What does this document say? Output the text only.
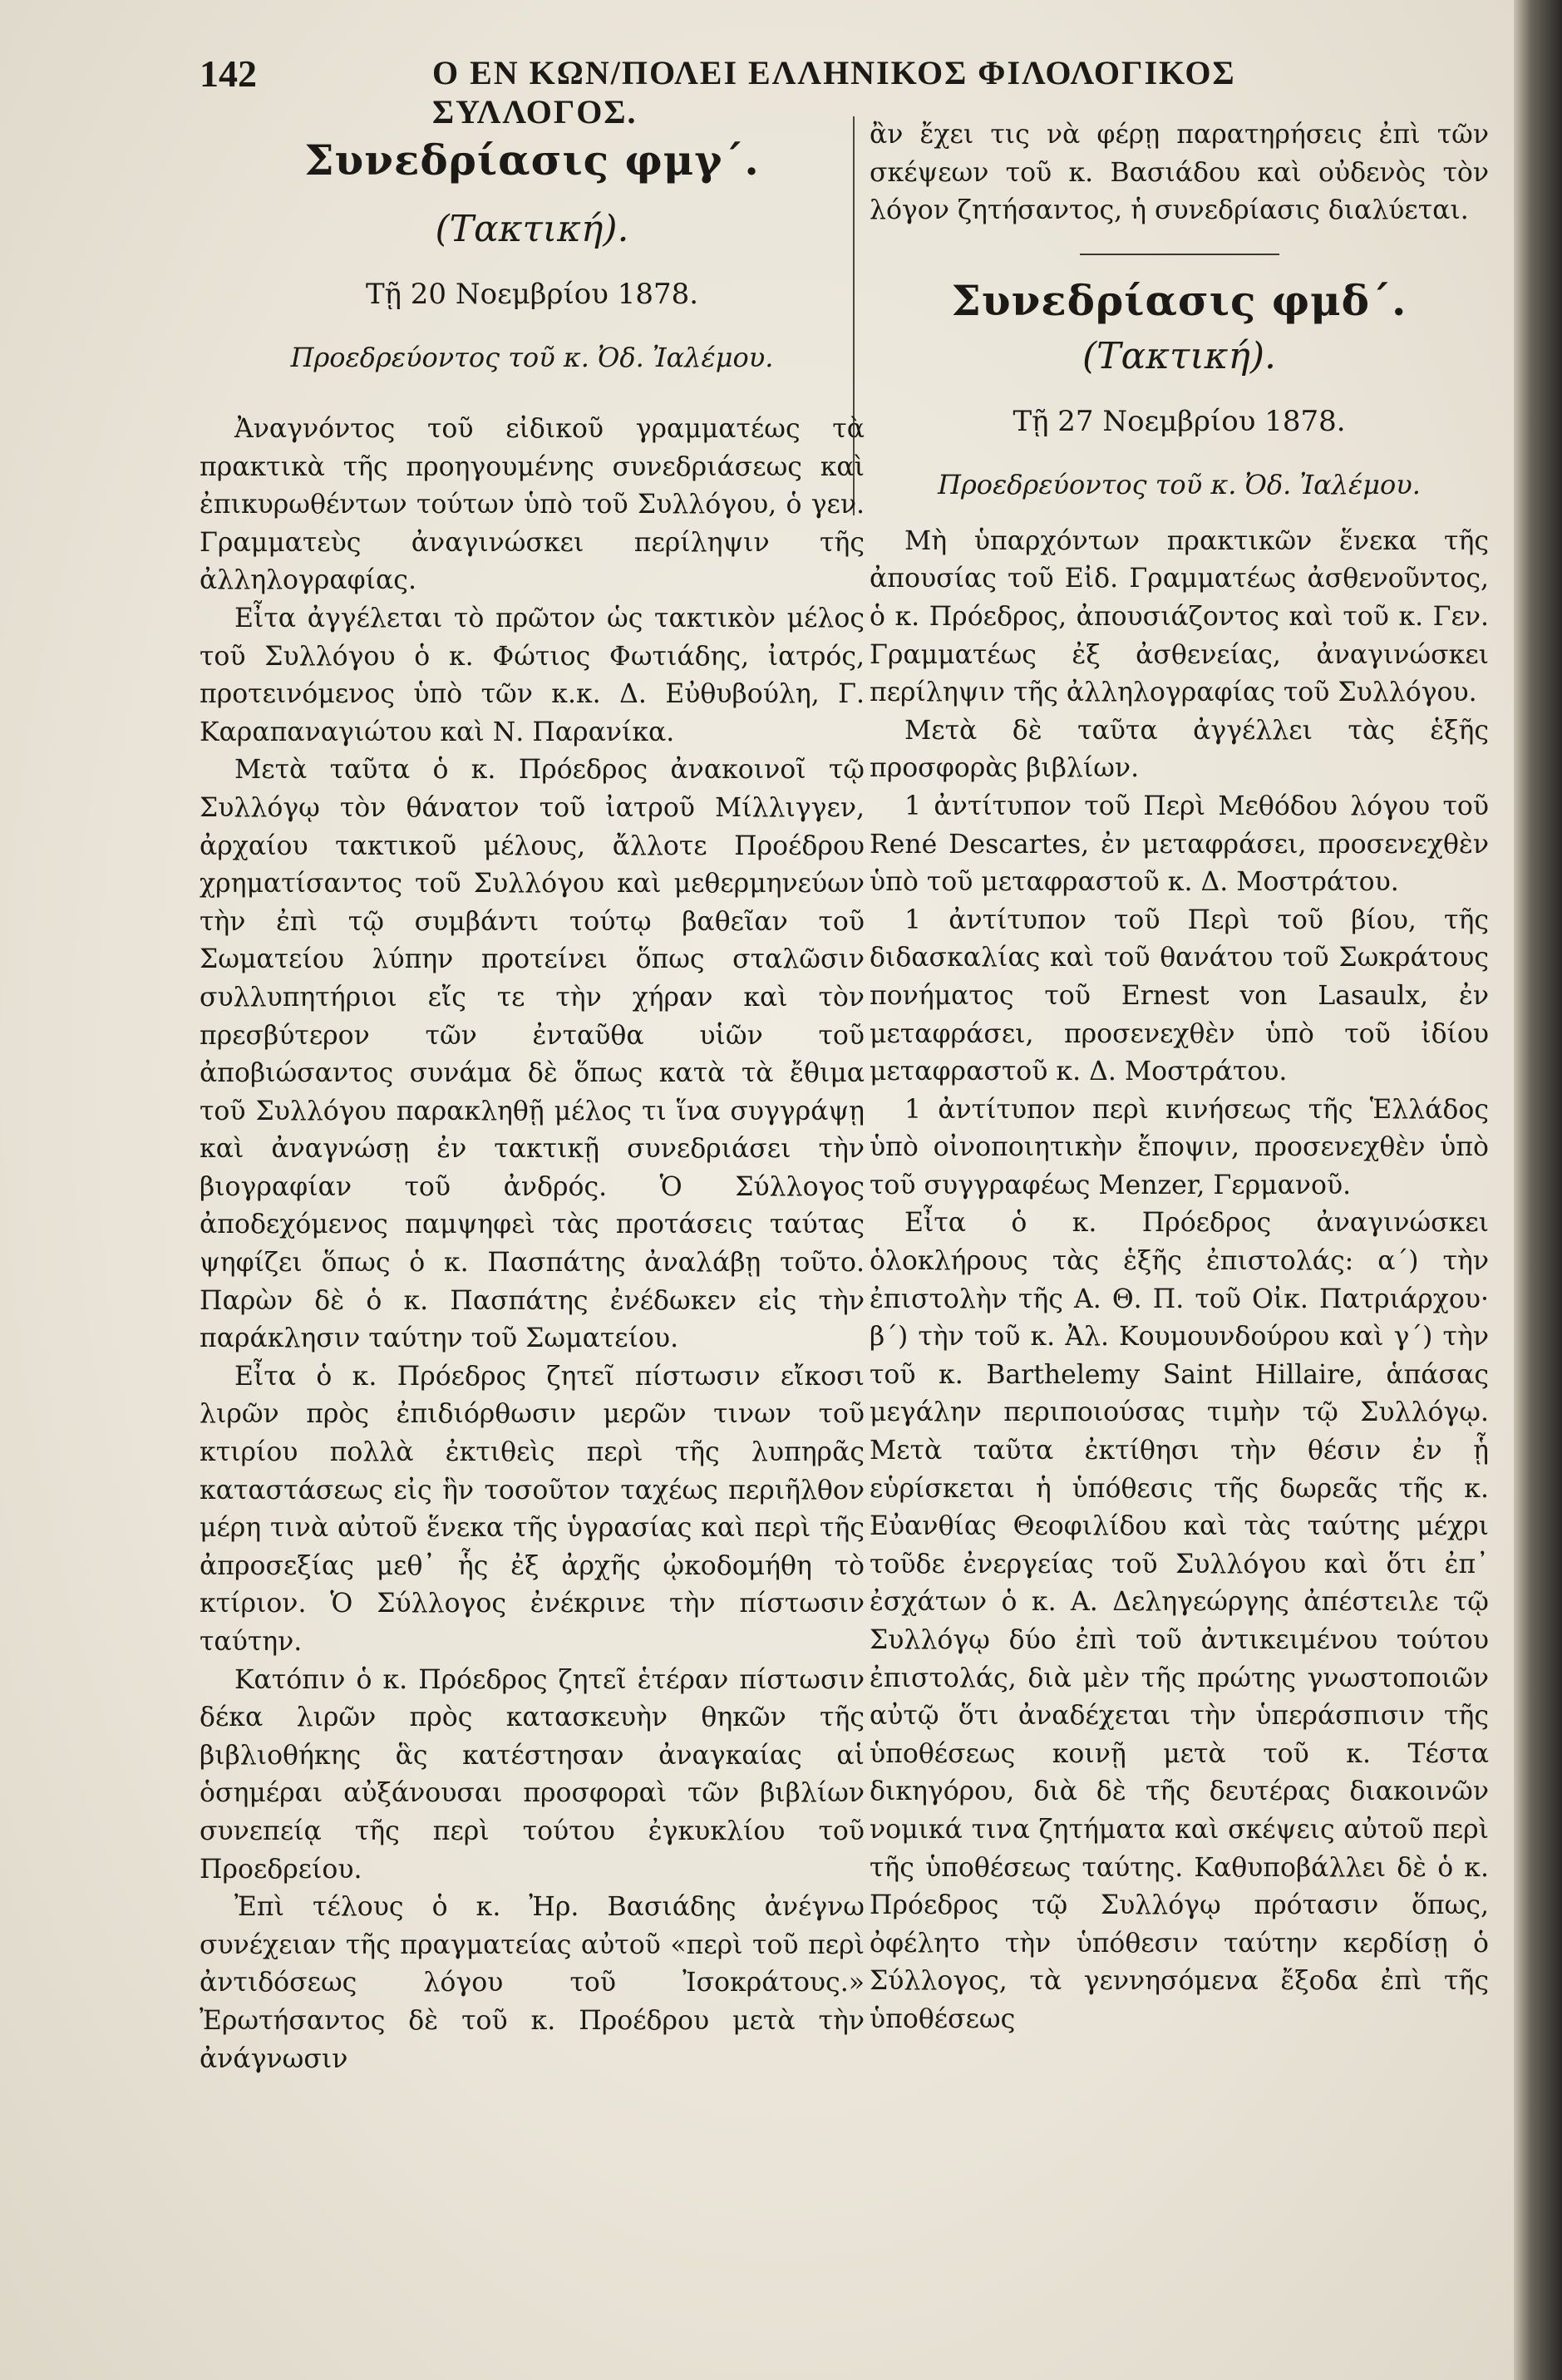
142	Ο ΕΝ ΚΩΝ/ΠΟΛΕΙ ΕΛΛΗΝΙΚΟΣ ΦΙΛΟΛΟΓΙΚΟΣ ΣΥΛΛΟΓΟΣ.

Συνεδρίασις φμγ΄.

(Τακτική).

Τῇ 20 Νοεμβρίου 1878.

Προεδρεύοντος τοῦ κ. Ὀδ. Ἰαλέμου.

Ἀναγνόντος τοῦ εἰδικοῦ γραμματέως τὰ πρακτικὰ τῆς προηγουμένης συνεδριάσεως καὶ ἐπικυρωθέντων τούτων ὑπὸ τοῦ Συλλόγου, ὁ γεν. Γραμματεὺς ἀναγινώσκει περίληψιν τῆς ἀλληλογραφίας.

Εἶτα ἀγγέλεται τὸ πρῶτον ὡς τακτικὸν μέλος τοῦ Συλλόγου ὁ κ. Φώτιος Φωτιάδης, ἰατρός, προτεινόμενος ὑπὸ τῶν κ.κ. Δ. Εὐθυβούλη, Γ. Καραπαναγιώτου καὶ Ν. Παρανίκα.

Μετὰ ταῦτα ὁ κ. Πρόεδρος ἀνακοινοῖ τῷ Συλλόγῳ τὸν θάνατον τοῦ ἰατροῦ Μίλλιγγεν, ἀρχαίου τακτικοῦ μέλους, ἄλλοτε Προέδρου χρηματίσαντος τοῦ Συλλόγου καὶ μεθερμηνεύων τὴν ἐπὶ τῷ συμβάντι τούτῳ βαθεῖαν τοῦ Σωματείου λύπην προτείνει ὅπως σταλῶσιν συλλυπητήριοι εἴς τε τὴν χήραν καὶ τὸν πρεσβύτερον τῶν ἐνταῦθα υἱῶν τοῦ ἀποβιώσαντος συνάμα δὲ ὅπως κατὰ τὰ ἔθιμα τοῦ Συλλόγου παρακληθῇ μέλος τι ἵνα συγγράψῃ καὶ ἀναγνώσῃ ἐν τακτικῇ συνεδριάσει τὴν βιογραφίαν τοῦ ἀνδρός. Ὁ Σύλλογος ἀποδεχόμενος παμψηφεὶ τὰς προτάσεις ταύτας ψηφίζει ὅπως ὁ κ. Πασπάτης ἀναλάβῃ τοῦτο. Παρὼν δὲ ὁ κ. Πασπάτης ἐνέδωκεν εἰς τὴν παράκλησιν ταύτην τοῦ Σωματείου.

Εἶτα ὁ κ. Πρόεδρος ζητεῖ πίστωσιν εἴκοσι λιρῶν πρὸς ἐπιδιόρθωσιν μερῶν τινων τοῦ κτιρίου πολλὰ ἐκτιθεὶς περὶ τῆς λυπηρᾶς καταστάσεως εἰς ἣν τοσοῦτον ταχέως περιῆλθον μέρη τινὰ αὐτοῦ ἕνεκα τῆς ὑγρασίας καὶ περὶ τῆς ἀπροσεξίας μεθ᾽ ἧς ἐξ ἀρχῆς ᾠκοδομήθη τὸ κτίριον. Ὁ Σύλλογος ἐνέκρινε τὴν πίστωσιν ταύτην.

Κατόπιν ὁ κ. Πρόεδρος ζητεῖ ἑτέραν πίστωσιν δέκα λιρῶν πρὸς κατασκευὴν θηκῶν τῆς βιβλιοθήκης ἃς κατέστησαν ἀναγκαίας αἱ ὁσημέραι αὐξάνουσαι προσφοραὶ τῶν βιβλίων συνεπείᾳ τῆς περὶ τούτου ἐγκυκλίου τοῦ Προεδρείου.

Ἐπὶ τέλους ὁ κ. Ἠρ. Βασιάδης ἀνέγνω συνέχειαν τῆς πραγματείας αὐτοῦ «περὶ τοῦ περὶ ἀντιδόσεως λόγου τοῦ Ἰσοκράτους.» Ἐρωτήσαντος δὲ τοῦ κ. Προέδρου μετὰ τὴν ἀνάγνωσιν

ἂν ἔχει τις νὰ φέρῃ παρατηρήσεις ἐπὶ τῶν σκέψεων τοῦ κ. Βασιάδου καὶ οὐδενὸς τὸν λόγον ζητήσαντος, ἡ συνεδρίασις διαλύεται.

Συνεδρίασις φμδ΄.

(Τακτική).

Τῇ 27 Νοεμβρίου 1878.

Προεδρεύοντος τοῦ κ. Ὀδ. Ἰαλέμου.

Μὴ ὑπαρχόντων πρακτικῶν ἕνεκα τῆς ἀπουσίας τοῦ Εἰδ. Γραμματέως ἀσθενοῦντος, ὁ κ. Πρόεδρος, ἀπουσιάζοντος καὶ τοῦ κ. Γεν. Γραμματέως ἐξ ἀσθενείας, ἀναγινώσκει περίληψιν τῆς ἀλληλογραφίας τοῦ Συλλόγου.

Μετὰ δὲ ταῦτα ἀγγέλλει τὰς ἑξῆς προσφορὰς βιβλίων.

1 ἀντίτυπον τοῦ Περὶ Μεθόδου λόγου τοῦ René Descartes, ἐν μεταφράσει, προσενεχθὲν ὑπὸ τοῦ μεταφραστοῦ κ. Δ. Μοστράτου.

1 ἀντίτυπον τοῦ Περὶ τοῦ βίου, τῆς διδασκαλίας καὶ τοῦ θανάτου τοῦ Σωκράτους πονήματος τοῦ Ernest von Lasaulx, ἐν μεταφράσει, προσενεχθὲν ὑπὸ τοῦ ἰδίου μεταφραστοῦ κ. Δ. Μοστράτου.

1 ἀντίτυπον περὶ κινήσεως τῆς Ἑλλάδος ὑπὸ οἰνοποιητικὴν ἔποψιν, προσενεχθὲν ὑπὸ τοῦ συγγραφέως Menzer, Γερμανοῦ.

Εἶτα ὁ κ. Πρόεδρος ἀναγινώσκει ὁλοκλήρους τὰς ἑξῆς ἐπιστολάς: α΄) τὴν ἐπιστολὴν τῆς Α. Θ. Π. τοῦ Οἰκ. Πατριάρχου· β΄) τὴν τοῦ κ. Ἀλ. Κουμουνδούρου καὶ γ΄) τὴν τοῦ κ. Barthelemy Saint Hillaire, ἁπάσας μεγάλην περιποιούσας τιμὴν τῷ Συλλόγῳ. Μετὰ ταῦτα ἐκτίθησι τὴν θέσιν ἐν ᾗ εὑρίσκεται ἡ ὑπόθεσις τῆς δωρεᾶς τῆς κ. Εὐανθίας Θεοφιλίδου καὶ τὰς ταύτης μέχρι τοῦδε ἐνεργείας τοῦ Συλλόγου καὶ ὅτι ἐπ᾽ ἐσχάτων ὁ κ. Α. Δεληγεώργης ἀπέστειλε τῷ Συλλόγῳ δύο ἐπὶ τοῦ ἀντικειμένου τούτου ἐπιστολάς, διὰ μὲν τῆς πρώτης γνωστοποιῶν αὐτῷ ὅτι ἀναδέχεται τὴν ὑπεράσπισιν τῆς ὑποθέσεως κοινῇ μετὰ τοῦ κ. Τέστα δικηγόρου, διὰ δὲ τῆς δευτέρας διακοινῶν νομικά τινα ζητήματα καὶ σκέψεις αὐτοῦ περὶ τῆς ὑποθέσεως ταύτης. Καθυποβάλλει δὲ ὁ κ. Πρόεδρος τῷ Συλλόγῳ πρότασιν ὅπως, ὀφέλητο τὴν ὑπόθεσιν ταύτην κερδίσῃ ὁ Σύλλογος, τὰ γεννησόμενα ἔξοδα ἐπὶ τῆς ὑποθέσεως
